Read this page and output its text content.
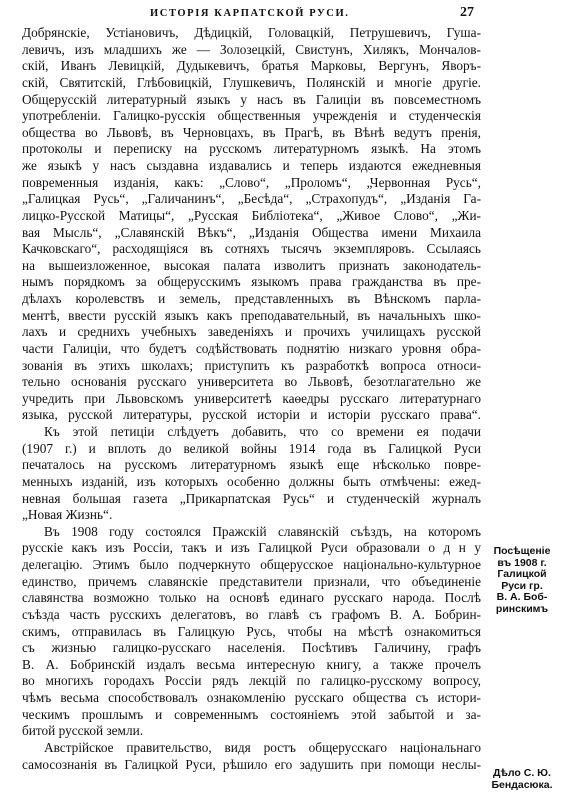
ИСТОРІЯ КАРПАТСКОЙ РУСИ.	27
Добрянскіе, Устіановичъ, Дѣдицкій, Головацкій, Петрушевичъ, Гуша-
левичъ, изъ младшихъ же — Золозецкій, Свистунъ, Хилякъ, Мончалов-
скій, Иванъ Левицкій, Дудыкевичъ, братья Марковы, Вергунъ, Яворъ-
скій, Святитскій, Глѣбовицкій, Глушкевичъ, Полянскій и многіе другіе.
Общерусскій литературный языкъ у насъ въ Галиціи въ повсеместномъ
употребленіи. Галицко-русскія общественныя учрежденія и студенческія
общества во Львовѣ, въ Черновцахъ, въ Прагѣ, въ Вѣнѣ ведутъ пренія,
протоколы и переписку на русскомъ литературномъ языкѣ. На этомъ
же языкѣ у насъ сыздавна издавались и теперь издаются ежедневныя
повременныя изданія, какъ: „Слово“, „Проломъ“, „Червонная Русь“,
„Галицкая Русь“, „Галичанинъ“, „Бесѣда“, „Страхопудъ“, „Изданія Га-
лицко-Русской Матицы“, „Русская Библіотека“, „Живое Слово“, „Жи-
вая Мысль“, „Славянскій Вѣкъ“, „Изданія Общества имени Михаила
Качковскаго“, расходящіяся въ сотняхъ тысячъ экземпляровъ. Ссылаясь
на вышеизложенное, высокая палата изволитъ признать законодатель-
нымъ порядкомъ за общерусскимъ языкомъ права гражданства въ пре-
дѣлахъ королевствъ и земель, представленныхъ въ Вѣнскомъ парла-
ментѣ, ввести русскій языкъ какъ преподавательный, въ начальныхъ шко-
лахъ и среднихъ учебныхъ заведеніяхъ и прочихъ училищахъ русской
части Галиціи, что будетъ содѣйствовать поднятію низкаго уровня обра-
зованія въ этихъ школахъ; приступить къ разработкѣ вопроса относи-
тельно основанія русскаго университета во Львовѣ, безотлагательно же
учредить при Львовскомъ университетѣ каѳедры русскаго литературнаго
языка, русской литературы, русской исторіи и исторіи русскаго права“.
Къ этой петиціи слѣдуетъ добавить, что со времени ея подачи
(1907 г.) и вплоть до великой войны 1914 года въ Галицкой Руси
печаталось на русскомъ литературномъ языкѣ еще нѣсколько повре-
менныхъ изданій, изъ которыхъ особенно должны быть отмѣчены: ежед-
невная большая газета „Прикарпатская Русь“ и студенческій журналъ
„Новая Жизнь“.
Въ 1908 году состоялся Пражскій славянскій съѣздъ, на которомъ
русскіе какъ изъ Россіи, такъ и изъ Галицкой Руси образовали о д н у
делегацію. Этимъ было подчеркнуто общерусское національно-культурное
единство, причемъ славянскіе представители признали, что объединеніе
славянства возможно только на основѣ единаго русскаго народа. Послѣ
съѣзда часть русскихъ делегатовъ, во главѣ съ графомъ В. А. Бобрин-
скимъ, отправилась въ Галицкую Русь, чтобы на мѣстѣ ознакомиться
съ жизнью галицко-русскаго населенія. Посѣтивъ Галичину, графъ
В. А. Бобринскій издалъ весьма интересную книгу, а также прочелъ
во многихъ городахъ Россіи рядъ лекцій по галицко-русскому вопросу,
чѣмъ весьма способствовалъ ознакомленію русскаго общества съ истори-
ческимъ прошлымъ и современнымъ состояніемъ этой забытой и за-
битой русской земли.
Австрійское правительство, видя ростъ общерусскаго національнаго
самосознанія въ Галицкой Руси, рѣшило его задушить при помощи неслы-
Посѣщеніе
въ 1908 г.
Галицкой
Руси гр.
В. А. Боб-
ринскимъ
Дѣло С. Ю.
Бендасюка.
